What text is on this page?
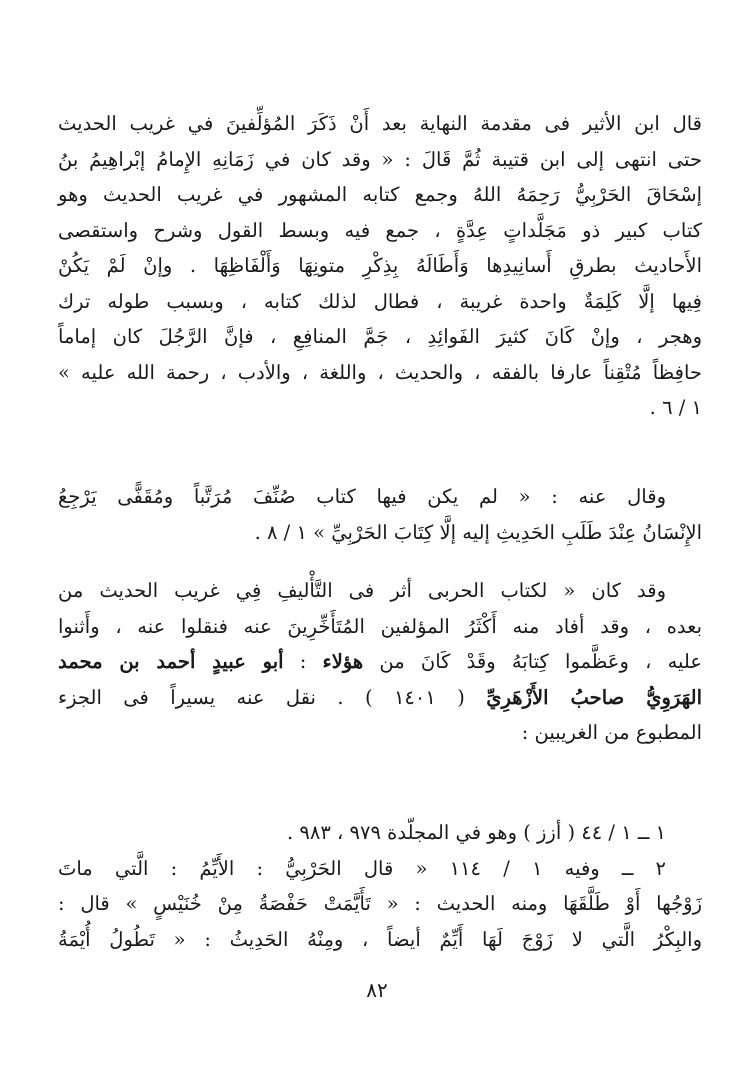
قال ابن الأثير فى مقدمة النهاية بعد أَنْ ذَكَرَ المُؤلِّفينَ في غريب الحديث
حتى انتهى إلى ابن قتيبة ثُمَّ قَالَ : « وقد كان في زَمَانِهِ الإِمامُ إبْراهِيمُ بنُ
إسْحَاقَ الحَرْبِيُّ رَحِمَهُ اللهُ وجمع كتابه المشهور في غريب الحديث وهو
كتاب كبير ذو مَجَلَّداتٍ عِدَّةٍ ، جمع فيه وبسط القول وشرح واستقصى
الأَحاديث بطرقِ أَسانِيدِها وَأَطَالَهُ بِذِكْرِ متونِهَا وَأَلْفَاظِهَا . وإنْ لَمْ يَكُنْ
فِيها إلَّا كَلِمَةٌ واحدة غريبة ، فطال لذلك كتابه ، وبسبب طوله ترك
وهجر ، وإنْ كَانَ كثيرَ الفَوائِدِ ، جَمَّ المنافِعِ ، فإنَّ الرَّجُلَ كان إماماً
حافِظاً مُتْقِناً عارفا بالفقه ، والحديث ، واللغة ، والأدب ، رحمة الله عليه »
١ / ٦ .
وقال عنه : « لم يكن فيها كتاب صُنِّفَ مُرَتَّباً ومُقَفًّى يَرْجِعُ
الإِنْسَانُ عِنْدَ طَلَبِ الحَدِيثِ إليه إلَّا كِتَابَ الحَرْبِيِّ » ١ / ٨ .
وقد كان « لكتاب الحربى أثر فى التَّأْليفِ فِي غريب الحديث من
بعده ، وقد أفاد منه أَكْثَرُ المؤلفين المُتَأَخِّرِينَ عنه فنقلوا عنه ، وأَثنوا
عليه ، وعَظَّموا كِتابَهُ وقَدْ كَانَ من هؤلاء : أبو عبيدٍ أحمد بن محمد
الهَرَوِيُّ صاحبُ الأَزْهَرِيِّ ( ١٤٠١ ) . نقل عنه يسيراً فى الجزء
المطبوع من الغريبين :
١ ــ ١ / ٤٤ ( أزز ) وهو في المجلّدة ٩٧٩ ، ٩٨٣ .
٢ ــ وفيه ١ / ١١٤ « قال الحَرْبِيُّ : الأَيِّمُ : الَّتي ماتَ
زَوْجُها أَوْ طَلَّقَهَا ومنه الحديث : « تَأَيَّمَتْ حَفْصَةُ مِنْ خُنَيْسٍ » قال :
والبِكْرُ الَّتي لا زَوْجَ لَهَا أَيِّمٌ أيضاً ، ومِنْهُ الحَدِيثُ : « تَطُولُ أُيْمَةُ
٨٢
